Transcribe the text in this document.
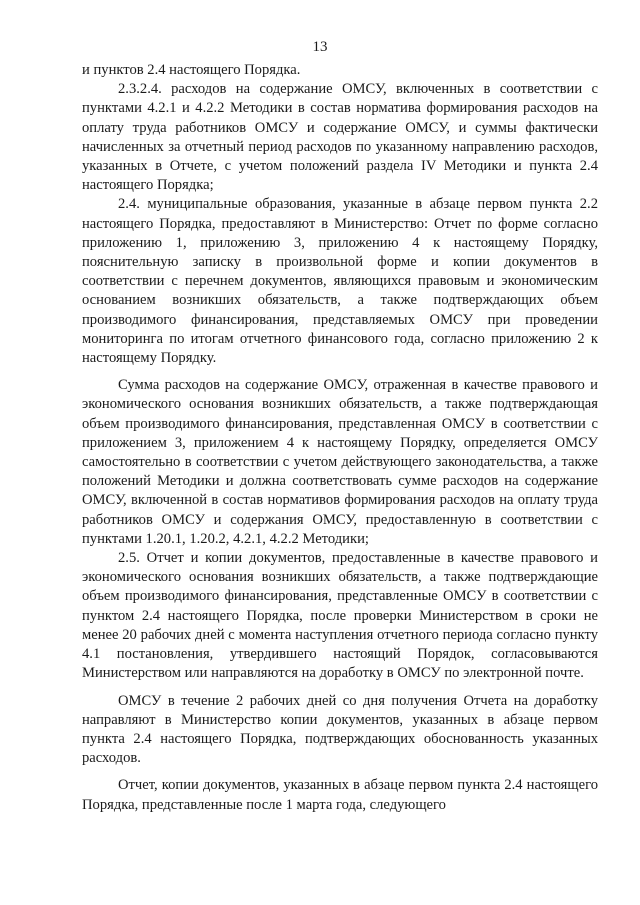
13

и пунктов 2.4 настоящего Порядка.

2.3.2.4. расходов на содержание ОМСУ, включенных в соответствии с пунктами 4.2.1 и 4.2.2 Методики в состав норматива формирования расходов на оплату труда работников ОМСУ и содержание ОМСУ, и суммы фактически начисленных за отчетный период расходов по указанному направлению расходов, указанных в Отчете, с учетом положений раздела IV Методики и пункта 2.4 настоящего Порядка;

2.4. муниципальные образования, указанные в абзаце первом пункта 2.2 настоящего Порядка, предоставляют в Министерство: Отчет по форме согласно приложению 1, приложению 3, приложению 4 к настоящему Порядку, пояснительную записку в произвольной форме и копии документов в соответствии с перечнем документов, являющихся правовым и экономическим основанием возникших обязательств, а также подтверждающих объем производимого финансирования, представляемых ОМСУ при проведении мониторинга по итогам отчетного финансового года, согласно приложению 2 к настоящему Порядку.

Сумма расходов на содержание ОМСУ, отраженная в качестве правового и экономического основания возникших обязательств, а также подтверждающая объем производимого финансирования, представленная ОМСУ в соответствии с приложением 3, приложением 4 к настоящему Порядку, определяется ОМСУ самостоятельно в соответствии с учетом действующего законодательства, а также положений Методики и должна соответствовать сумме расходов на содержание ОМСУ, включенной в состав нормативов формирования расходов на оплату труда работников ОМСУ и содержания ОМСУ, предоставленную в соответствии с пунктами 1.20.1, 1.20.2, 4.2.1, 4.2.2 Методики;

2.5. Отчет и копии документов, предоставленные в качестве правового и экономического основания возникших обязательств, а также подтверждающие объем производимого финансирования, представленные ОМСУ в соответствии с пунктом 2.4 настоящего Порядка, после проверки Министерством в сроки не менее 20 рабочих дней с момента наступления отчетного периода согласно пункту 4.1 постановления, утвердившего настоящий Порядок, согласовываются Министерством или направляются на доработку в ОМСУ по электронной почте.

ОМСУ в течение 2 рабочих дней со дня получения Отчета на доработку направляют в Министерство копии документов, указанных в абзаце первом пункта 2.4 настоящего Порядка, подтверждающих обоснованность указанных расходов.

Отчет, копии документов, указанных в абзаце первом пункта 2.4 настоящего Порядка, представленные после 1 марта года, следующего
